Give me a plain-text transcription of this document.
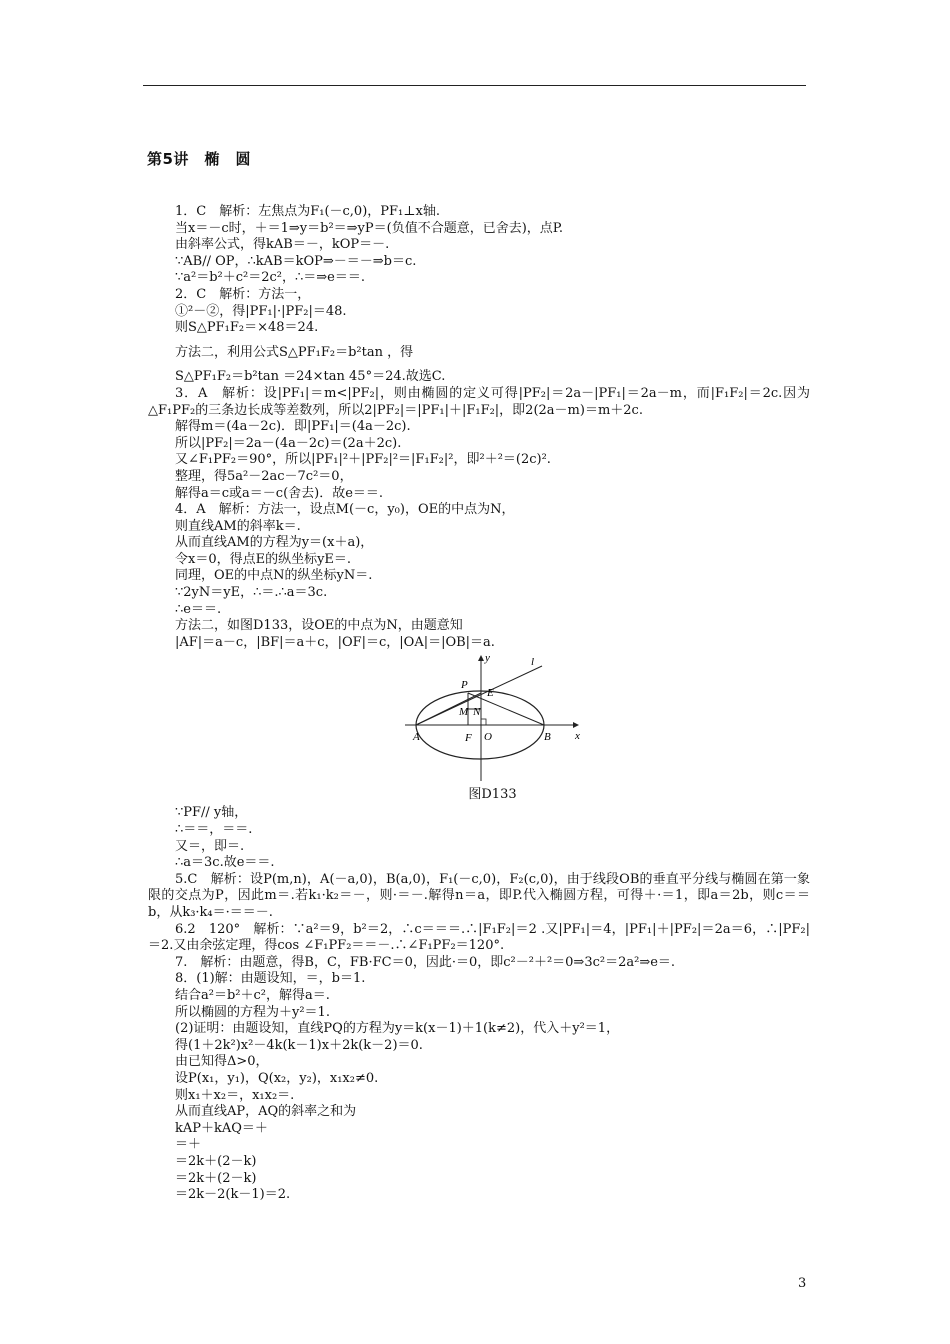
第5讲　椭　圆
1．C　解析：左焦点为F₁(－c,0)，PF₁⊥x轴.
当x＝－c时，＋＝1⇒y＝b²＝⇒yP＝(负值不合题意，已舍去)，点P.
由斜率公式，得kAB＝－，kOP＝－.
∵AB// OP，∴kAB＝kOP⇒－＝－⇒b＝c.
∵a²＝b²＋c²＝2c²，∴＝⇒e＝＝.
2．C　解析：方法一，
①²－②，得|PF₁|·|PF₂|＝48.
则S△PF₁F₂＝×48＝24.
方法二，利用公式S△PF₁F₂＝b²tan ，得
S△PF₁F₂＝b²tan ＝24×tan 45°＝24.故选C.
3．A　解析：设|PF₁|＝m<|PF₂|，则由椭圆的定义可得|PF₂|＝2a－|PF₁|＝2a－m，而|F₁F₂|＝2c.因为△F₁PF₂的三条边长成等差数列，所以2|PF₂|＝|PF₁|＋|F₁F₂|，即2(2a－m)＝m＋2c.
解得m＝(4a－2c)．即|PF₁|＝(4a－2c).
所以|PF₂|＝2a－(4a－2c)＝(2a＋2c).
又∠F₁PF₂＝90°，所以|PF₁|²＋|PF₂|²＝|F₁F₂|²，即²＋²＝(2c)².
整理，得5a²－2ac－7c²＝0，
解得a＝c或a＝－c(舍去)．故e＝＝.
4．A　解析：方法一，设点M(－c，y₀)，OE的中点为N，
则直线AM的斜率k＝.
从而直线AM的方程为y＝(x＋a)，
令x＝0，得点E的纵坐标yE＝.
同理，OE的中点N的纵坐标yN＝.
∵2yN＝yE，∴＝.∴a＝3c.
∴e＝＝.
方法二，如图D133，设OE的中点为N，由题意知
|AF|＝a－c，|BF|＝a＋c，|OF|＝c，|OA|＝|OB|＝a.
P
y	l
E
M N
A	F O	B x
图D133
∵PF// y轴，
∴＝＝，＝＝.
又＝，即＝.
∴a＝3c.故e＝＝.
5.C　解析：设P(m,n)，A(－a,0)，B(a,0)，F₁(－c,0)，F₂(c,0)，由于线段OB的垂直平分线与椭圆在第一象限的交点为P，因此m＝.若k₁·k₂＝－，则·＝－.解得n＝a，即P.代入椭圆方程，可得＋·＝1，即a＝2b，则c＝＝b，从k₃·k₄＝·＝＝－.
6.2　120°　解析：∵a²＝9，b²＝2，∴c＝＝＝.∴|F₁F₂|＝2 .又|PF₁|＝4，|PF₁|＋|PF₂|＝2a＝6，∴|PF₂|＝2.又由余弦定理，得cos ∠F₁PF₂＝＝－.∴∠F₁PF₂＝120°.
7.　解析：由题意，得B，C，FB·FC＝0，因此·＝0，即c²－²＋²＝0⇒3c²＝2a²⇒e＝.
8．(1)解：由题设知，＝，b＝1.
结合a²＝b²＋c²，解得a＝.
所以椭圆的方程为＋y²＝1.
(2)证明：由题设知，直线PQ的方程为y＝k(x－1)＋1(k≠2)，代入＋y²＝1，
得(1＋2k²)x²－4k(k－1)x＋2k(k－2)＝0.
由已知得Δ>0，
设P(x₁，y₁)，Q(x₂，y₂)，x₁x₂≠0.
则x₁＋x₂＝，x₁x₂＝.
从而直线AP，AQ的斜率之和为
kAP＋kAQ＝＋
＝＋
＝2k＋(2－k)
＝2k＋(2－k)
＝2k－2(k－1)＝2.
3
